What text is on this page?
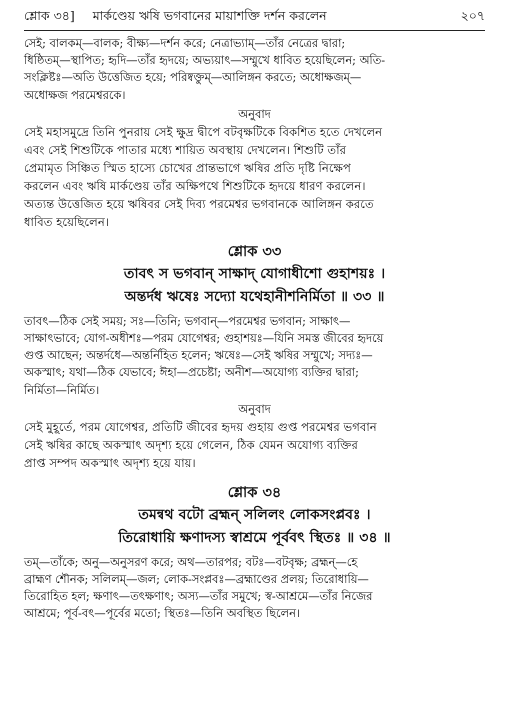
শ্লোক ৩৪] মার্কণ্ডেয় ঋষি ভগবানের মায়াশক্তি দর্শন করলেন	২০৭
সেই; বালকম্—বালক; বীক্ষ্য—দর্শন করে; নেত্রাভ্যাম্—তাঁর নেত্রের দ্বারা;
ধিষ্ঠিতম্—স্থাপিত; হৃদি—তাঁর হৃদয়ে; অভ্যয়াৎ—সম্মুখে ধাবিত হয়েছিলেন; অতি-
সংক্লিষ্টঃ—অতি উত্তেজিত হয়ে; পরিষ্বক্তুম্—আলিঙ্গন করতে; অধোক্ষজম্—
অধোক্ষজ পরমেশ্বরকে।
অনুবাদ
সেই মহাসমুদ্রে তিনি পুনরায় সেই ক্ষুদ্র দ্বীপে বটবৃক্ষটিকে বিকশিত হতে দেখলেন
এবং সেই শিশুটিকে পাতার মধ্যে শায়িত অবস্থায় দেখলেন। শিশুটি তাঁর
প্রেমামৃত সিঞ্চিত স্মিত হাস্যে চোখের প্রান্তভাগে ঋষির প্রতি দৃষ্টি নিক্ষেপ
করলেন এবং ঋষি মার্কণ্ডেয় তাঁর অক্ষিপথে শিশুটিকে হৃদয়ে ধারণ করলেন।
অত্যন্ত উত্তেজিত হয়ে ঋষিবর সেই দিব্য পরমেশ্বর ভগবানকে আলিঙ্গন করতে
ধাবিত হয়েছিলেন।
শ্লোক ৩৩
তাবৎ স ভগবান্ সাক্ষাদ্ যোগাধীশো গুহাশয়ঃ ।
অন্তর্দধ ঋষেঃ সদ্যো যথেহানীশনির্মিতা ॥ ৩৩ ॥
তাবৎ—ঠিক সেই সময়; সঃ—তিনি; ভগবান্—পরমেশ্বর ভগবান; সাক্ষাৎ—
সাক্ষাৎভাবে; যোগ-অধীশঃ—পরম যোগেশ্বর; গুহাশয়ঃ—যিনি সমস্ত জীবের হৃদয়ে
গুপ্ত আছেন; অন্তর্দধে—অন্তর্নিহিত হলেন; ঋষেঃ—সেই ঋষির সম্মুখে; সদ্যঃ—
অকস্মাৎ; যথা—ঠিক যেভাবে; ঈহা—প্রচেষ্টা; অনীশ—অযোগ্য ব্যক্তির দ্বারা;
নির্মিতা—নির্মিত।
অনুবাদ
সেই মুহূর্তে, পরম যোগেশ্বর, প্রতিটি জীবের হৃদয় গুহায় গুপ্ত পরমেশ্বর ভগবান
সেই ঋষির কাছে অকস্মাৎ অদৃশ্য হয়ে গেলেন, ঠিক যেমন অযোগ্য ব্যক্তির
প্রাপ্ত সম্পদ অকস্মাৎ অদৃশ্য হয়ে যায়।
শ্লোক ৩৪
তমন্বথ বটো ব্রহ্মন্ সলিলং লোকসংপ্লবঃ ।
তিরোধায়ি ক্ষণাদস্য স্বাশ্রমে পূর্ববৎ স্থিতঃ ॥ ৩৪ ॥
তম্—তাঁকে; অনু—অনুসরণ করে; অথ—তারপর; বটঃ—বটবৃক্ষ; ব্রহ্মন্—হে
ব্রাহ্মণ শৌনক; সলিলম্—জল; লোক-সংপ্লবঃ—ব্রহ্মাণ্ডের প্রলয়; তিরোধায়ি—
তিরোহিত হল; ক্ষণাৎ—তৎক্ষণাৎ; অস্য—তাঁর সমুখে; স্ব-আশ্রমে—তাঁর নিজের
আশ্রমে; পূর্ব-বৎ—পূর্বের মতো; স্থিতঃ—তিনি অবস্থিত ছিলেন।
